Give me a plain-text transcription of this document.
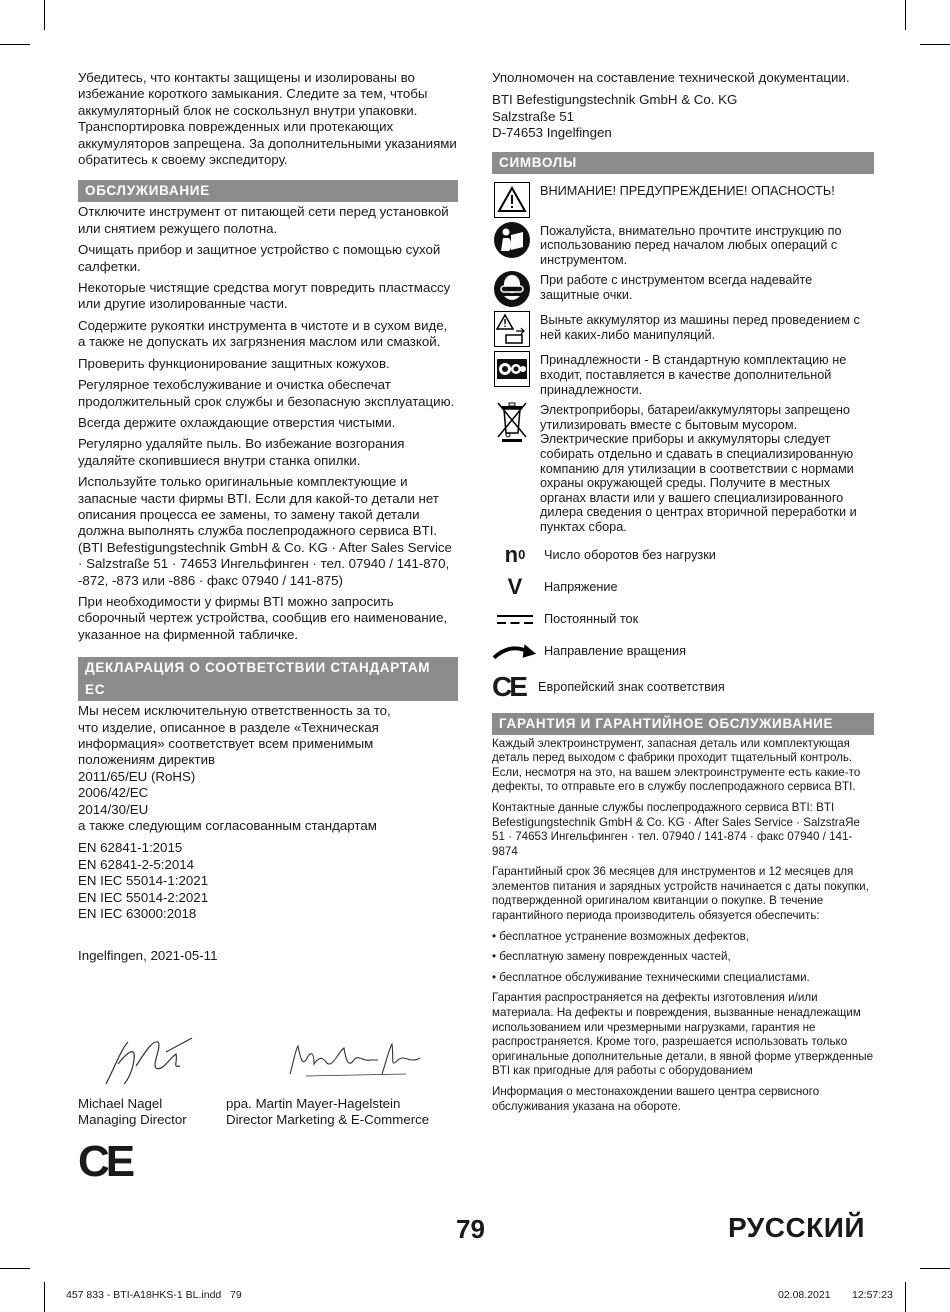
Убедитесь, что контакты защищены и изолированы во избежание короткого замыкания. Следите за тем, чтобы аккумуляторный блок не соскользнул внутри упаковки. Транспортировка поврежденных или протекающих аккумуляторов запрещена. За дополнительными указаниями обратитесь к своему экспедитору.

ОБСЛУЖИВАНИЕ

Отключите инструмент от питающей сети перед установкой или снятием режущего полотна.

Очищать прибор и защитное устройство с помощью сухой салфетки.

Некоторые чистящие средства могут повредить пластмассу или другие изолированные части.

Содержите рукоятки инструмента в чистоте и в сухом виде, а также не допускать их загрязнения маслом или смазкой.

Проверить функционирование защитных кожухов.

Регулярное техобслуживание и очистка обеспечат продолжительный срок службы и безопасную эксплуатацию.

Всегда держите охлаждающие отверстия чистыми.

Регулярно удаляйте пыль. Во избежание возгорания удаляйте скопившиеся внутри станка опилки.

Используйте только оригинальные комплектующие и запасные части фирмы BTI. Если для какой-то детали нет описания процесса ее замены, то замену такой детали должна выполнять служба послепродажного сервиса BTI. (BTI Befestigungstechnik GmbH & Co. KG · After Sales Service · Salzstraße 51 · 74653 Ингельфинген · тел. 07940 / 141-870, -872, -873 или -886 · факс 07940 / 141-875)

При необходимости у фирмы BTI можно запросить сборочный чертеж устройства, сообщив его наименование, указанное на фирменной табличке.

ДЕКЛАРАЦИЯ О СООТВЕТСТВИИ СТАНДАРТАМ ЕС
Мы несем исключительную ответственность за то,
что изделие, описанное в разделе «Техническая
информация» соответствует всем применимым
положениям директив
2011/65/EU (RoHS)
2006/42/EC
2014/30/EU
а также следующим согласованным стандартам
EN 62841-1:2015
EN 62841-2-5:2014
EN IEC 55014-1:2021
EN IEC 55014-2:2021
EN IEC 63000:2018
Ingelfingen, 2021-05-11
Michael Nagel
Managing Director
ppa. Martin Mayer-Hagelstein
Director Marketing & E-Commerce
CE

Уполномочен на составление технической документации.

BTI Befestigungstechnik GmbH & Co. KG
Salzstraße 51
D-74653 Ingelfingen
СИМВОЛЫ
ВНИМАНИЕ! ПРЕДУПРЕЖДЕНИЕ! ОПАСНОСТЬ!
Пожалуйста, внимательно прочтите инструкцию по использованию перед началом любых операций с инструментом.
При работе с инструментом всегда надевайте защитные очки.
Выньте аккумулятор из машины перед проведением с ней каких-либо манипуляций.
Принадлежности - В стандартную комплектацию не входит, поставляется в качестве дополнительной принадлежности.
Электроприборы, батареи/аккумуляторы запрещено утилизировать вместе с бытовым мусором. Электрические приборы и аккумуляторы следует собирать отдельно и сдавать в специализированную компанию для утилизации в соответствии с нормами охраны окружающей среды. Получите в местных органах власти или у вашего специализированного дилера сведения о центрах вторичной переработки и пунктах сбора.
n 0 Число оборотов без нагрузки
V	Напряжение
Постоянный ток
Направление вращения
CE	Европейский знак соответствия
ГАРАНТИЯ И ГАРАНТИЙНОЕ ОБСЛУЖИВАНИЕ

Каждый электроинструмент, запасная деталь или комплектующая деталь перед выходом с фабрики проходит тщательный контроль. Если, несмотря на это, на вашем электроинструменте есть какие-то дефекты, то отправьте его в службу послепродажного сервиса BTI.

Контактные данные службы послепродажного сервиса BTI: BTI Befestigungstechnik GmbH & Co. KG · After Sales Service · SalzstraЯe 51 · 74653 Ингельфинген · тел. 07940 / 141-874 · факс 07940 / 141-9874

Гарантийный срок 36 месяцев для инструментов и 12 месяцев для элементов питания и зарядных устройств начинается с даты покупки, подтвержденной оригиналом квитанции о покупке. В течение гарантийного периода производитель обязуется обеспечить:

• бесплатное устранение возможных дефектов,
• бесплатную замену поврежденных частей,
• бесплатное обслуживание техническими специалистами.

Гарантия распространяется на дефекты изготовления и/или материала. На дефекты и повреждения, вызванные ненадлежащим использованием или чрезмерными нагрузками, гарантия не распространяется. Кроме того, разрешается использовать только оригинальные дополнительные детали, в явной форме утвержденные BTI как пригодные для работы с оборудованием

Информация о местонахождении вашего центра сервисного обслуживания указана на обороте.

79	РУССКИЙ
457 833 - BTI-A18HKS-1 BL.indd   79	02.08.2021 12:57:23
